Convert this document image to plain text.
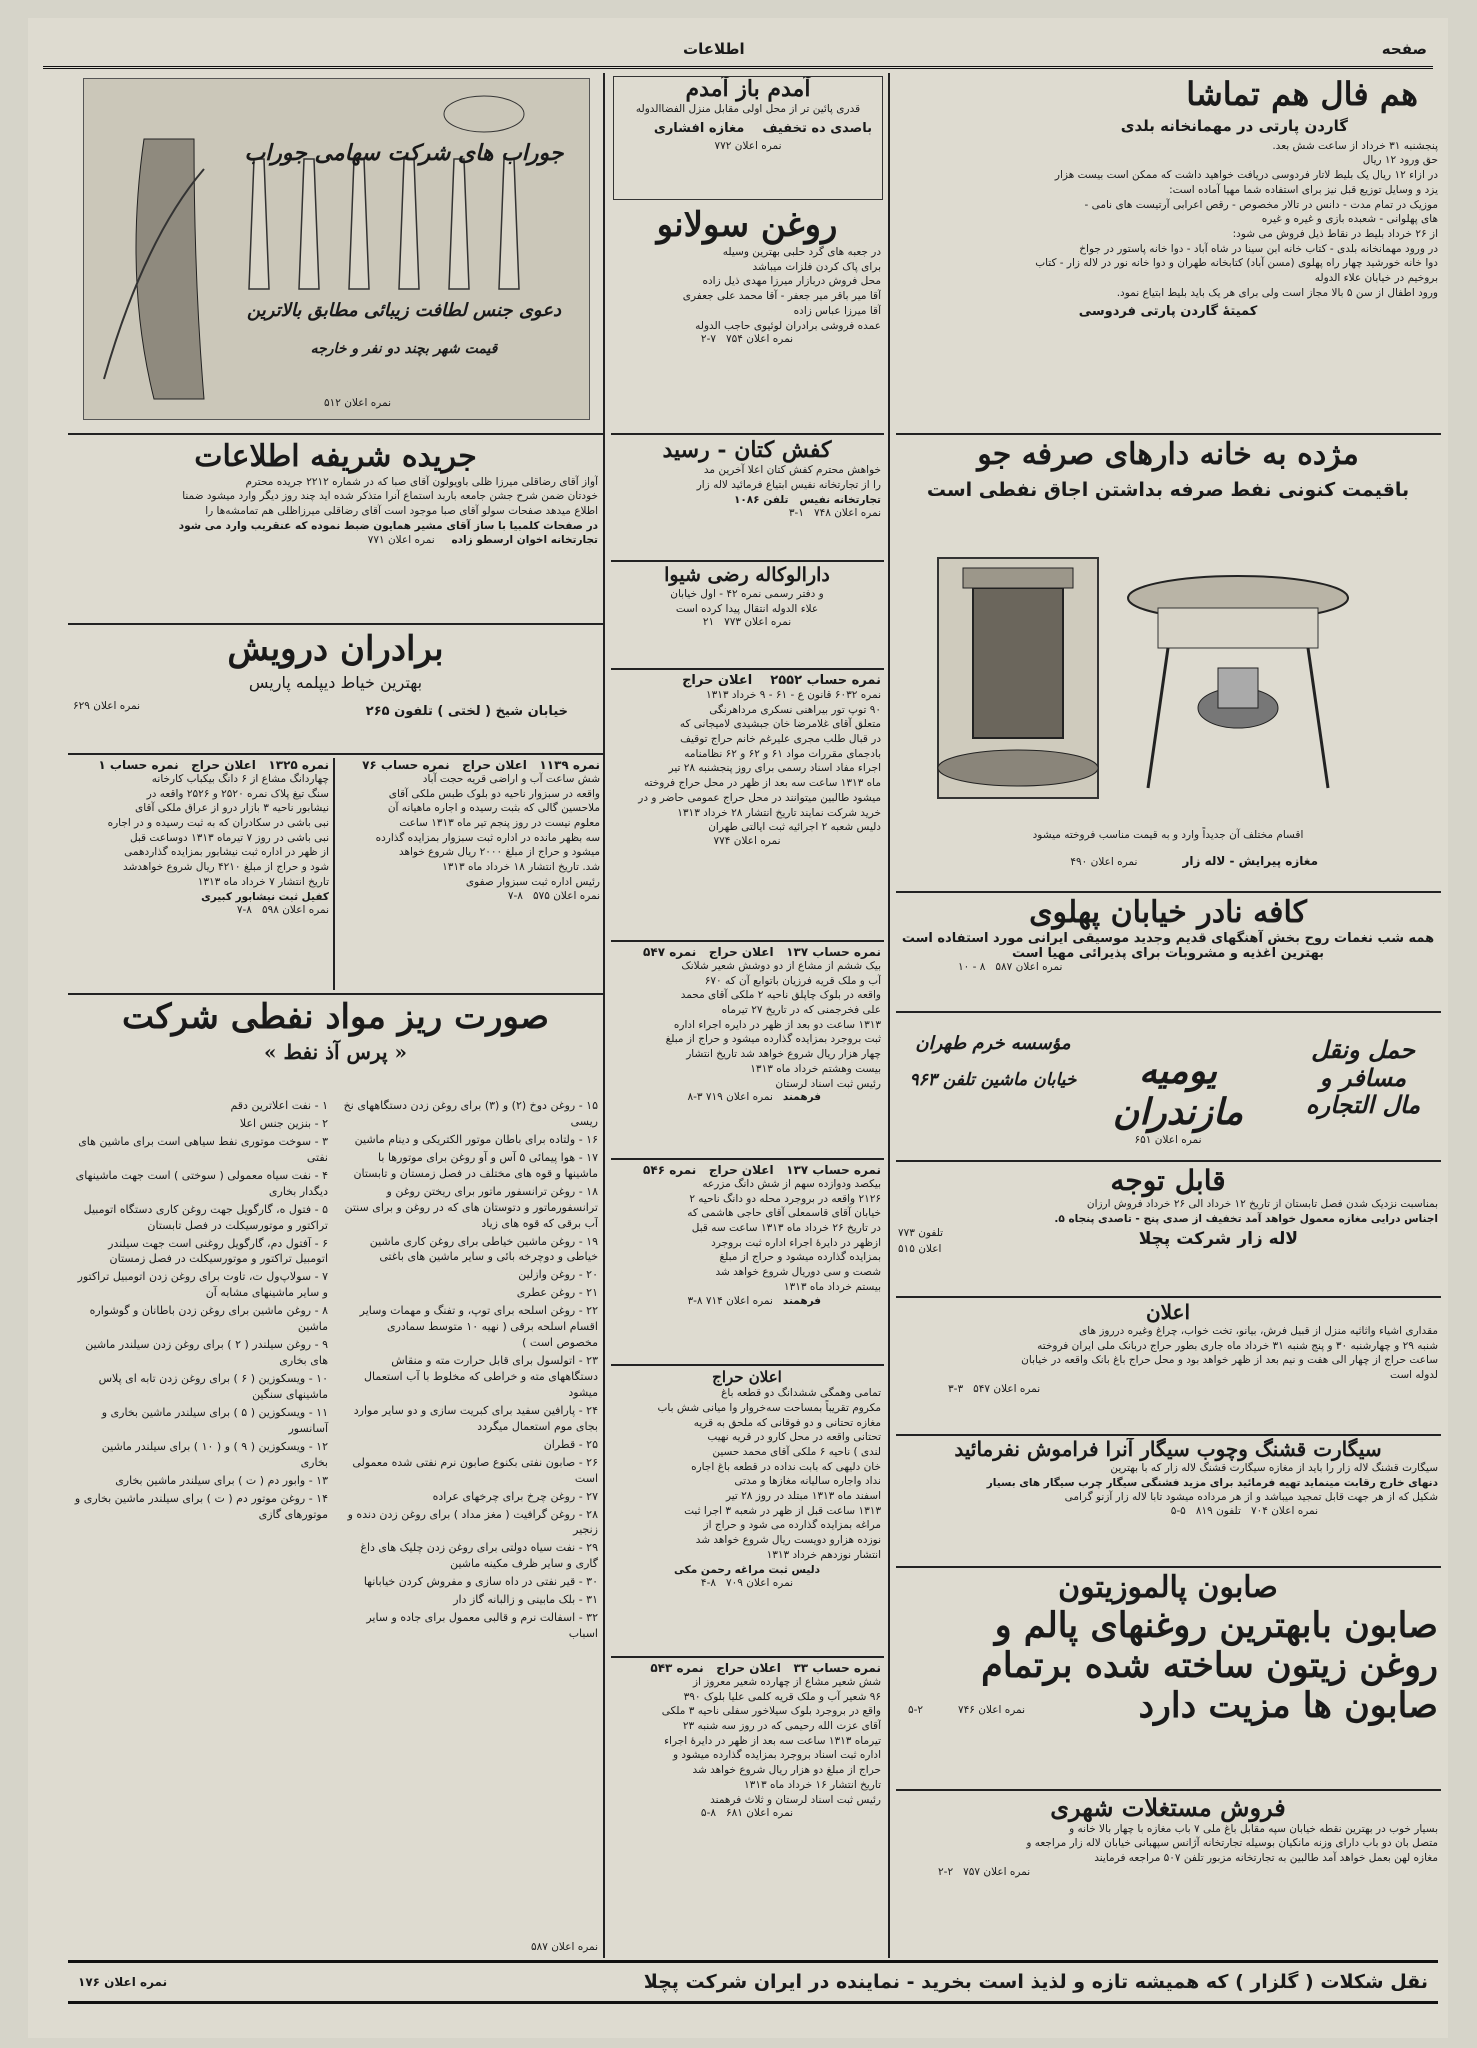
صفحه
اطلاعات
هم فال هم تماشا
گاردن پارتی در مهمانخانه بلدی
پنجشنبه ۳۱ خرداد از ساعت شش بعد.
حق ورود ۱۲ ریال
در ازاء ۱۲ ریال یک بلیط لاتار فردوسی دریافت خواهید داشت که ممکن است بیست هزار
یزد و وسایل توزیع قبل نیز برای استفاده شما مهیا آماده است:
موزیک در تمام مدت - دانس در تالار مخصوص - رقص اعرابی آرتیست های نامی -
های پهلوانی - شعبده بازی و غیره و غیره
از ۲۶ خرداد بلیط در نقاط ذیل فروش می شود:
در ورود مهمانخانه بلدی - کتاب خانه ابن سینا در شاه آباد - دوا خانه پاستور در جواخ
دوا خانه خورشید چهار راه پهلوی (مسن آباد) کتابخانه طهران و دوا خانه نور در لاله زار - کتاب
بروخیم در خیابان علاء الدوله
ورود اطفال از سن ۵ بالا مجاز است ولی برای هر یک باید بلیط ابتیاع نمود.
کمیتهٔ گاردن پارتی فردوسی
مژده به خانه دارهای صرفه جو
باقیمت کنونی نفط صرفه بداشتن اجاق نفطی است
اقسام مختلف آن جدیداً وارد و به قیمت مناسب فروخته میشود
مغازه پیرایش - لاله زار نمره اعلان ۴۹۰
کافه نادر خیابان پهلوی
همه شب نغمات روح بخش آهنگهای قدیم وجدید موسیقی ایرانی مورد استفاده است
بهترین اغذیه و مشروبات برای پذیرائی مهیا است
نمره اعلان ۵۸۷   ۸ - ۱۰
حمل ونقل مسافر و مال التجاره
یومیه مازندران
مؤسسه خرم طهران
خیابان ماشین تلفن ۹۶۳
نمره اعلان ۶۵۱
قابل توجه
بمناسبت نزدیک شدن فصل تابستان از تاریخ ۱۲ خرداد الی ۲۶ خرداد فروش ارزان
اجناس درایی مغازه معمول خواهد آمد تخفیف از صدی پنج - تاصدی پنجاه ۵.
لاله زار شرکت پچلا
تلفون ۷۷۳
اعلان ۵۱۵
اعلان
مقداری اشیاء واثاثیه منزل از قبیل فرش، بیانو، تخت خواب، چراغ وغیره درروز های
شنبه ۲۹ و چهارشنبه ۳۰ و پنج شنبه ۳۱ خرداد ماه جاری بطور حراج دربانک ملی ایران فروخته
ساعت حراج از چهار الی هفت و نیم بعد از ظهر خواهد بود و محل حراج باغ بانک واقعه در خیابان
لدوله است
نمره اعلان ۵۴۷   ۳-۳
سیگارت قشنگ وچوب سیگار آنرا فراموش نفرمائید
سیگارت قشنگ لاله زار را باید از مغازه سیگارت قشنگ لاله زار که با بهترین
دنهای خارج رقابت مینماید تهیه فرمائید برای مزید فشنگی سیگار چرب سیگار های بسیار
شکیل که از هر جهت قابل تمجید میباشد و از هر مرداده میشود تابا لاله زار آزنو گرامی
نمره اعلان ۷۰۴   تلفون ۸۱۹   ۵-۵
صابون پالموزیتون
صابون بابهترین روغنهای پالم و
روغن زیتون ساخته شده برتمام
صابون ها مزیت دارد
نمره اعلان ۷۴۶
۵-۲
فروش مستغلات شهری
بسیار خوب در بهترین نقطه خیابان سپه مقابل باغ ملی ۷ باب مغازه با چهار بالا خانه و
متصل بان دو باب دارای وزنه مانکیان بوسیله تجارتخانه آژانس سپهبانی خیابان لاله زار مراجعه و
مغازه لهن بعمل خواهد آمد طالبین به تجارتخانه مزبور تلفن ۵۰۷ مراجعه فرمایند
نمره اعلان ۷۵۷   ۲-۲
آمدم باز آمدم
قدری پائین تر از محل اولی مقابل منزل الفضاالدوله
باصدی ده تخفیف    مغازه افشاری
نمره اعلان ۷۷۲
روغن سولانو
در جعبه های گرد حلبی بهترین وسیله
برای پاک کردن فلزات میباشد
محل فروش دربازار میرزا مهدی ذیل زاده
آقا میر باقر میر جعفر - آقا محمد علی جعفری
آقا میرزا عباس زاده
عمده فروشی برادران لوئیوی حاجب الدوله
نمره اعلان ۷۵۴   ۷-۲
کفش کتان - رسید
خواهش محترم کفش کتان اعلا آخرین مد
را از تجارتخانه نفیس ابتیاع فرمائید لاله زار
تجارتخانه نفیس   تلفن ۱۰۸۶
نمره اعلان ۷۴۸   ۱-۳
دارالوکاله رضی شیوا
و دفتر رسمی نمره ۴۲ - اول خیابان
علاء الدوله انتقال پیدا کرده است
نمره اعلان ۷۷۳   ۲۱
نمره حساب ۲۵۵۲    اعلان حراج
نمره ۶۰۳۲ قانون ع - ۶۱ - ۹ خرداد ۱۳۱۳
۹۰ توپ تور بیراهنی نسکری مرداهرنگی
متعلق آقای غلامرضا خان جبشیدی لامیجانی که
در قبال طلب مجری علیرغم خانم حراج توقیف
بادجمای مقررات مواد ۶۱ و ۶۲ و ۶۲ نظامنامه
اجراء مفاد اسناد رسمی برای روز پنجشنبه ۲۸ تیر
ماه ۱۳۱۳ ساعت سه بعد از ظهر در محل حراج فروخته
میشود طالبین میتوانند در محل حراج عمومی حاضر و در
خرید شرکت نمایند تاریخ انتشار ۲۸ خرداد ۱۳۱۳
دلیس شعبه ۲ اجرائیه ثبت ایالتی طهران
نمره اعلان ۷۷۴
نمره حساب ۱۳۷   اعلان حراج   نمره ۵۴۷
بیک ششم از مشاع از دو دوشش شعیر شلانک
آب و ملک قریه فرزیان باتوابع آن که ۶۷۰
واقعه در بلوک چاپلق ناحیه ۲ ملکی آقای محمد
علی فخرجمنی که در تاریخ ۲۷ تیرماه
۱۳۱۳ ساعت دو بعد از ظهر در دایره اجراء اداره
ثبت بروجرد بمزایده گذارده میشود و حراج از مبلغ
چهار هزار ریال شروع خواهد شد تاریخ انتشار
بیست وهشتم خرداد ماه ۱۳۱۳
رئیس ثبت اسناد لرستان
فرهمند   نمره اعلان ۷۱۹ ۳-۸
نمره حساب ۱۳۷   اعلان حراج   نمره ۵۴۶
بیکصد ودوازده سهم از شش دانگ مزرعه
۲۱۲۶ واقعه در بروجرد محله دو دانگ ناحیه ۲
خیابان آقای قاسمعلی آقای حاجی هاشمی که
در تاریخ ۲۶ خرداد ماه ۱۳۱۳ ساعت سه قبل
ازظهر در دایرهٔ اجراء اداره ثبت بروجرد
بمزایده گذارده میشود و حراج از مبلغ
شصت و سی دوریال شروع خواهد شد
بیستم خرداد ماه ۱۳۱۳
فرهمند   نمره اعلان ۷۱۴ ۸-۳
اعلان حراج
تمامی وهمگی ششدانگ دو قطعه باغ
مکروم تقریباً بمساحت سه‌خروار وا میانی شش باب
مغازه تحتانی و دو فوقانی که ملحق به قریه
تحتانی واقعه در محل کارو در قریه نهیب
لندی ) ناحیه ۶ ملکی آقای محمد حسین
خان دلیهی که بابت نداده در قطعه باغ اجاره
نداد واجاره سالیانه مغازها و مدتی
اسفند ماه ۱۳۱۳ مبتلد در روز ۲۸ تیر
۱۳۱۳ ساعت قبل از ظهر در شعبه ۳ اجرا ثبت
مراغه بمزایده گذارده می شود و حراج از
نوزده هزارو دویست ریال شروع خواهد شد
انتشار نوزدهم خرداد ۱۳۱۳
دلیس ثبت مراغه رحمن مکی
نمره اعلان ۷۰۹   ۸-۴
نمره حساب ۳۳   اعلان حراج   نمره ۵۴۳
شش شعیر مشاع از چهارده شعیر معروز از
۹۶ شعیر آب و ملک قریه کلمی علیا بلوک ۳۹۰
واقع در بروجرد بلوک سیلاخور سفلی ناحیه ۳ ملکی
آقای عزت الله رحیمی که در روز سه شنبه ۲۳
تیرماه ۱۳۱۳ ساعت سه بعد از ظهر در دایرهٔ اجراء
اداره ثبت اسناد بروجرد بمزایده گذارده میشود و
حراج از مبلغ دو هزار ریال شروع خواهد شد
تاریخ انتشار ۱۶ خرداد ماه ۱۳۱۳
رئیس ثبت اسناد لرستان و ثلاث فرهمند
نمره اعلان ۶۸۱   ۸-۵
جوراب های شرکت سهامی جوراب
دعوی جنس لطافت زیبائی مطابق بالاترین
قیمت شهر بچند دو نفر و خارجه
نمره اعلان ۵۱۲
جریده شریفه اطلاعات
آواز آقای رضاقلی میرزا ظلی باویولون آقای صبا که در شماره ۲۲۱۲ جریده محترم
خودتان ضمن شرح جشن جامعه باربد استماع آنرا متذکر شده اید چند روز دیگر وارد میشود ضمنا
اطلاع میدهد صفحات سولو آقای صبا موجود است آقای رضاقلی میرزاظلی هم تمامشه‌ها را
در صفحات کلمبیا با ساز آقای مشیر همایون ضبط نموده که عنقریب وارد می شود
تجارتخانه اخوان ارسطو زاده     نمره اعلان ۷۷۱
برادران درویش
بهترین خیاط دیپلمه پاریس
خیابان شیخ ( لختی ) تلفون ۲۶۵
نمره اعلان ۶۲۹
نمره ۱۱۳۹   اعلان حراج   نمره حساب ۷۶
شش ساعت آب و اراضی قریه حجت آباد
واقعه در سبزوار ناحیه دو بلوک طبس ملکی آقای
ملاحسین گالی که بثبت رسیده و اجاره ماهیانه آن
معلوم نیست در روز پنجم تیر ماه ۱۳۱۳ ساعت
سه بظهر مانده در اداره ثبت سبزوار بمزایده گذارده
میشود و حراج از مبلغ ۲۰۰۰ ریال شروع خواهد
شد. تاریخ انتشار ۱۸ خرداد ماه ۱۳۱۳
رئیس اداره ثبت سبزوار صفوی
نمره اعلان ۵۷۵   ۸-۷
نمره ۱۳۲۵   اعلان حراج   نمره حساب ۱
چهاردانگ مشاع از ۶ دانگ بیکباب کارخانه
سنگ تیغ پلاک نمره ۲۵۲۰ و ۲۵۲۶ واقعه در
نیشابور ناحیه ۳ بازار درو از عراق ملکی آقای
نبی باشی در سکادران که به ثبت رسیده و در اجاره
نبی باشی در روز ۷ تیرماه ۱۳۱۳ دوساعت قبل
از ظهر در اداره ثبت نیشابور بمزایده گذاردهمی
شود و حراج از مبلغ ۴۲۱۰ ریال شروع خواهدشد
تاریخ انتشار ۷ خرداد ماه ۱۳۱۳
کفیل ثبت نیشابور کبیری
نمره اعلان ۵۹۸   ۸-۷
صورت ریز مواد نفطی شرکت
« پرس آذ نفط »
۱۵ - روغن دوخ (۲) و (۳) برای روغن زدن دستگاههای نخ ریسی
۱۶ - ولتاده برای باطان موتور الکتریکی و دینام ماشین
۱۷ - هوا پیمائی ۵ آس و آو روغن برای موتورها با ماشینها و قوه های مختلف در فصل زمستان و تابستان
۱۸ - روغن ترانسفور ماتور برای ریختن روغن و ترانسفورماتور و دتوستان های که در روغن و برای سنتن آب برقی که قوه های زیاد
۱۹ - روغن ماشین خیاطی برای روغن کاری ماشین خیاطی و دوچرخه بائی و سایر ماشین های باغتی
۲۰ - روغن وازلین
۲۱ - روغن عطری
۲۲ - روغن اسلحه برای توپ، و تفنگ و مهمات وسایر اقسام اسلحه برقی ( نهیه ۱۰ متوسط سمادری مخصوص است )
۲۳ - اتولسول برای قابل حرارت مته و منقاش دستگاههای مته و خراطی که مخلوط با آب استعمال میشود
۲۴ - پارافین سفید برای کبریت سازی و دو سایر موارد بجای موم استعمال میگردد
۲۵ - قطران
۲۶ - صابون نفتی بکنوع صابون نرم نفتی شده معمولی است
۲۷ - روغن چرخ برای چرخهای عراده
۲۸ - روغن گرافیت ( مغز مداد ) برای روغن زدن دنده و زنجیر
۲۹ - نفت سیاه دولتی برای روغن زدن چلیک های داغ گاری و سایر ظرف مکینه ماشین
۳۰ - قیر نفتی در داه سازی و مفروش کردن خیابانها
۳۱ - بلک مابینی و زالبانه گاز دار
۳۲ - اسفالت نرم و قالبی معمول برای جاده و سایر اسباب
۱ - نفت اعلاترین دقم
۲ - بنزین جنس اعلا
۳ - سوخت موتوری نفط سیاهی است برای ماشین های نفتی
۴ - نفت سیاه معمولی ( سوختی ) است جهت ماشینهای دیگدار بخاری
۵ - فتول ه، گارگویل جهت روغن کاری دستگاه اتومبیل تراکتور و موتورسیکلت در فصل تابستان
۶ - آفتول دم، گارگویل روغنی است جهت سیلندر اتومبیل تراکتور و موتورسیکلت در فصل زمستان
۷ - سولاپ‌ول ت، تاوت برای روغن زدن اتومبیل تراکتور و سایر ماشینهای مشابه آن
۸ - روغن ماشین برای روغن زدن باطانان و گوشواره ماشین
۹ - روغن سیلندر ( ۲ ) برای روغن زدن سیلندر ماشین های بخاری
۱۰ - ویسکوزین ( ۶ ) برای روغن زدن تابه ای پلاس ماشینهای سنگین
۱۱ - ویسکوزین ( ۵ ) برای سیلندر ماشین بخاری و آسانسور
۱۲ - ویسکوزین ( ۹ ) و ( ۱۰ ) برای سیلندر ماشین بخاری
۱۳ - وابور دم ( ت ) برای سیلندر ماشین بخاری
۱۴ - روغن موتور دم ( ت ) برای سیلندر ماشین بخاری و موتورهای گازی
نمره اعلان ۵۸۷
نقل شکلات ( گلزار ) که همیشه تازه و لذیذ است بخرید - نماینده در ایران شرکت پچلا
نمره اعلان ۱۷۶
